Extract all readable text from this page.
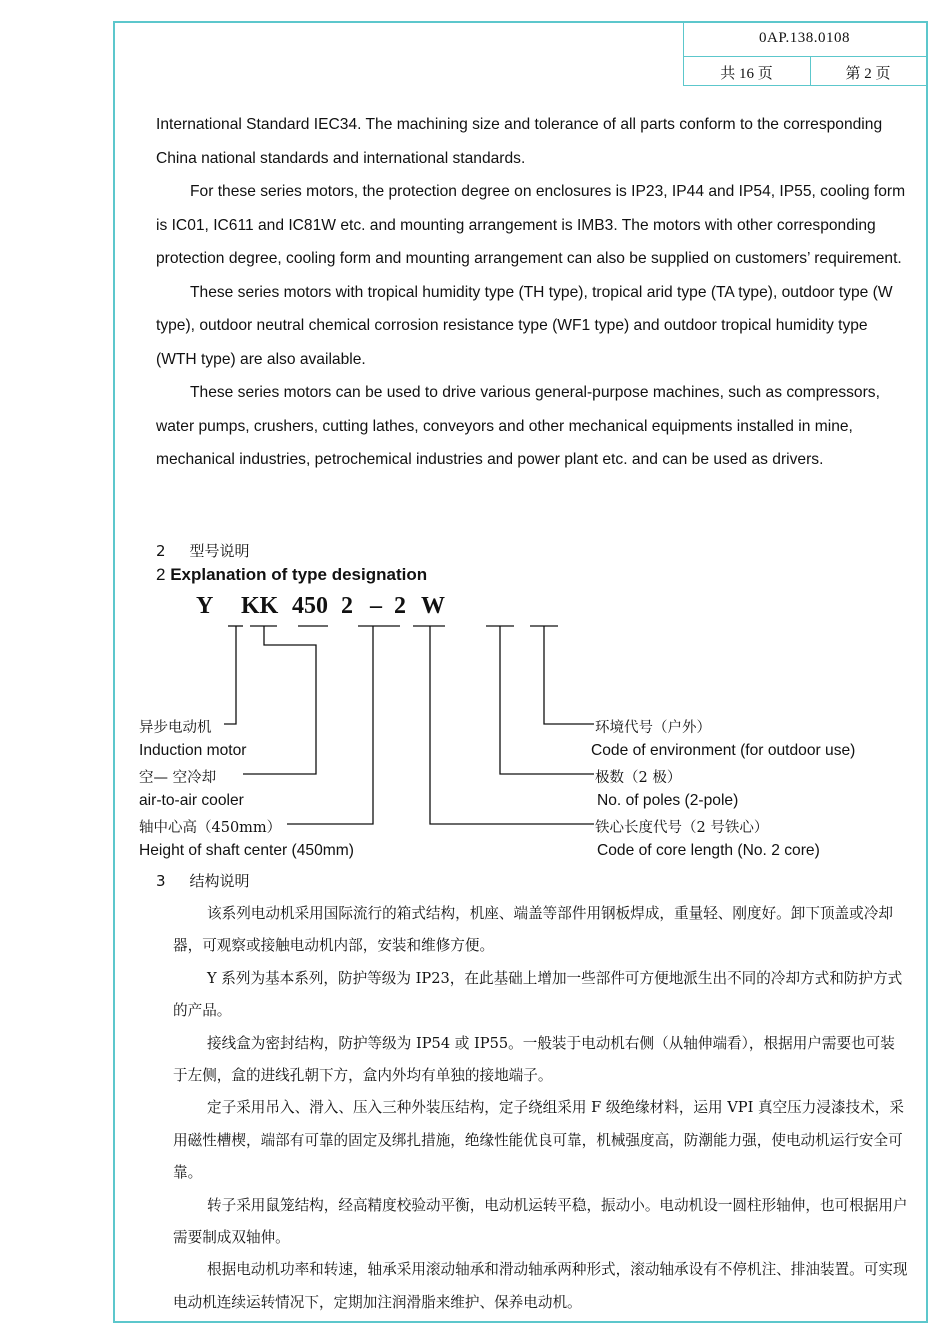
0AP.138.0108
共 16 页	第 2 页

International Standard IEC34. The machining size and tolerance of all parts conform to the corresponding China national standards and international standards.

For these series motors, the protection degree on enclosures is IP23, IP44 and IP54, IP55, cooling form is IC01, IC611 and IC81W etc. and mounting arrangement is IMB3. The motors with other corresponding protection degree, cooling form and mounting arrangement can also be supplied on customers’ requirement.

These series motors with tropical humidity type (TH type), tropical arid type (TA type), outdoor type (W type), outdoor neutral chemical corrosion resistance type (WF1 type) and outdoor tropical humidity type (WTH type) are also available.

These series motors can be used to drive various general-purpose machines, such as compressors, water pumps, crushers, cutting lathes, conveyors and other mechanical equipments installed in mine, mechanical industries, petrochemical industries and power plant etc. and can be used as drivers.

2 型号说明
2 Explanation of type designation
Y KK 450 2 – 2 W
异步电动机
Induction motor
空— 空冷却
air-to-air cooler
轴中心高（450mm）
Height of shaft center (450mm)
环境代号（户外）
Code of environment (for outdoor use)
极数（2 极）
No. of poles (2-pole)
铁心长度代号（2 号铁心）
Code of core length (No. 2 core)
3 结构说明

该系列电动机采用国际流行的箱式结构，机座、端盖等部件用钢板焊成，重量轻、刚度好。卸下顶盖或冷却器，可观察或接触电动机内部，安装和维修方便。

Y 系列为基本系列，防护等级为 IP23，在此基础上增加一些部件可方便地派生出不同的冷却方式和防护方式的产品。

接线盒为密封结构，防护等级为 IP54 或 IP55。一般装于电动机右侧（从轴伸端看），根据用户需要也可装于左侧，盒的进线孔朝下方，盒内外均有单独的接地端子。

定子采用吊入、滑入、压入三种外装压结构，定子绕组采用 F 级绝缘材料，运用 VPI 真空压力浸漆技术，采用磁性槽楔，端部有可靠的固定及绑扎措施，绝缘性能优良可靠，机械强度高，防潮能力强，使电动机运行安全可靠。

转子采用鼠笼结构，经高精度校验动平衡，电动机运转平稳，振动小。电动机设一圆柱形轴伸，也可根据用户需要制成双轴伸。

根据电动机功率和转速，轴承采用滚动轴承和滑动轴承两种形式，滚动轴承设有不停机注、排油装置。可实现电动机连续运转情况下，定期加注润滑脂来维护、保养电动机。
